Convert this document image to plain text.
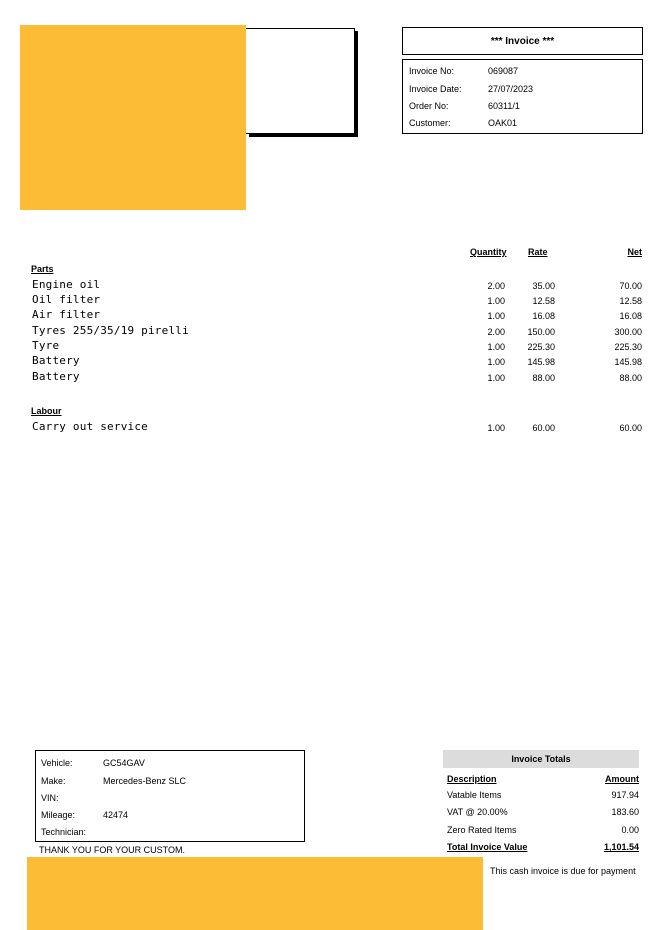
*** Invoice ***
Invoice No:	069087
Invoice Date:	27/07/2023
Order No:	60311/1
Customer:	OAK01
Quantity Rate	Net
Parts
Engine oil	2.00	35.00	70.00
Oil filter	1.00	12.58	12.58
Air filter	1.00	16.08	16.08
Tyres 255/35/19 pirelli	2.00 150.00	300.00
Tyre	1.00 225.30	225.30
Battery	1.00 145.98	145.98
Battery	1.00	88.00	88.00
Labour
Carry out service	1.00	60.00	60.00
Vehicle:	GC54GAV
Make:	Mercedes-Benz SLC
VIN:
Mileage:	42474
Technician:
THANK YOU FOR YOUR CUSTOM.
Invoice Totals
Description	Amount
Vatable Items	917.94
VAT @ 20.00%	183.60
Zero Rated Items	0.00
Total Invoice Value	1,101.54
This cash invoice is due for payment
